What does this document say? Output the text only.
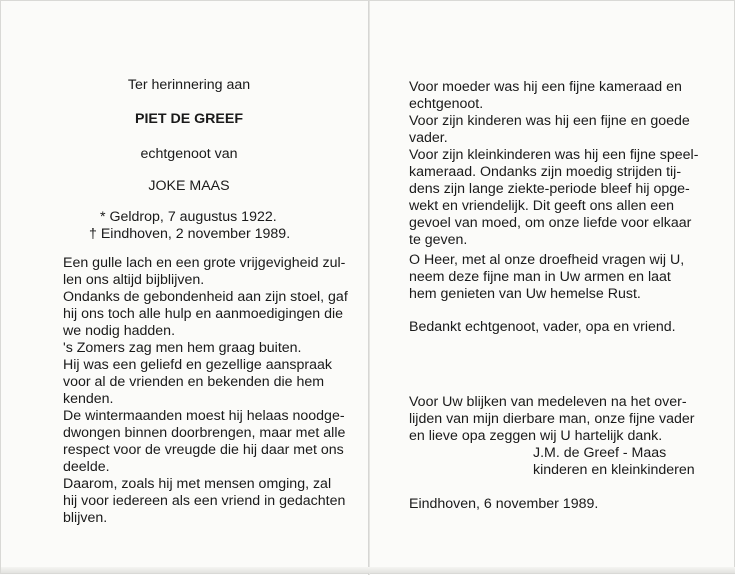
Ter herinnering aan
PIET DE GREEF
echtgenoot van
JOKE MAAS
* Geldrop, 7 augustus 1922.
† Eindhoven, 2 november 1989.
Een gulle lach en een grote vrijgevigheid zul-
len ons altijd bijblijven.
Ondanks de gebondenheid aan zijn stoel, gaf
hij ons toch alle hulp en aanmoedigingen die
we nodig hadden.
's Zomers zag men hem graag buiten.
Hij was een geliefd en gezellige aanspraak
voor al de vrienden en bekenden die hem
kenden.
De wintermaanden moest hij helaas noodge-
dwongen binnen doorbrengen, maar met alle
respect voor de vreugde die hij daar met ons
deelde.
Daarom, zoals hij met mensen omging, zal
hij voor iedereen als een vriend in gedachten
blijven.
Voor moeder was hij een fijne kameraad en
echtgenoot.
Voor zijn kinderen was hij een fijne en goede
vader.
Voor zijn kleinkinderen was hij een fijne speel-
kameraad. Ondanks zijn moedig strijden tij-
dens zijn lange ziekte-periode bleef hij opge-
wekt en vriendelijk. Dit geeft ons allen een
gevoel van moed, om onze liefde voor elkaar
te geven.
O Heer, met al onze droefheid vragen wij U,
neem deze fijne man in Uw armen en laat
hem genieten van Uw hemelse Rust.
Bedankt echtgenoot, vader, opa en vriend.
Voor Uw blijken van medeleven na het over-
lijden van mijn dierbare man, onze fijne vader
en lieve opa zeggen wij U hartelijk dank.
J.M. de Greef - Maas
kinderen en kleinkinderen
Eindhoven, 6 november 1989.
